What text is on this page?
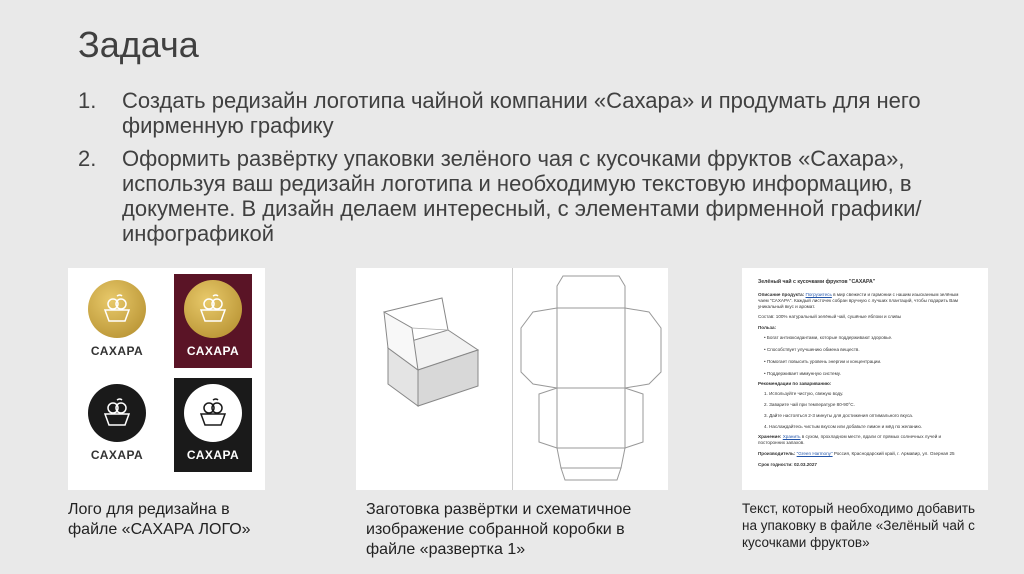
Задача
1.	Создать редизайн логотипа чайной компании «Сахара» и продумать для него фирменную графику
2.	Оформить развёртку упаковки зелёного чая с кусочками фруктов «Сахара», используя ваш редизайн логотипа и необходимую текстовую информацию, в документе. В дизайн делаем интересный, с элементами фирменной графики/инфографикой
САХАРА	САХАРА
САХАРА	САХАРА
Зелёный чай с кусочками фруктов "САХАРА"
Описание продукта: Погрузитесь в мир свежести и гармонии с нашим изысканным зелёным
чаем "САХАРА". Каждый листочек собран вручную с лучших плантаций, чтобы подарить Вам
уникальный вкус и аромат.
Состав: 100% натуральный зелёный чай, сушёные яблоки и сливы
Польза:
• Богат антиоксидантами, которые поддерживают здоровье.
• Способствует улучшению обмена веществ.
• Помогает повысить уровень энергии и концентрации.
• Поддерживает иммунную систему.
Рекомендации по завариванию:
1. Используйте чистую, свежую воду.
2. Заварите чай при температуре 80-90°C.
3. Дайте настояться 2-3 минуты для достижения оптимального вкуса.
4. Наслаждайтесь чистым вкусом или добавьте лимон и мёд по желанию.
Хранение: Хранить в сухом, прохладном месте, вдали от прямых солнечных лучей и
посторонних запахов.
Производитель: "Green Harmony" Россия, Краснодарский край, г. Армавир, ул. Озерная 25
Срок годности: 02.03.2027
Лого для редизайна в файле «САХАРА ЛОГО»
Заготовка развёртки и схематичное изображение собранной коробки в файле «развертка 1»
Текст, который необходимо добавить на упаковку в файле «Зелёный чай с кусочками фруктов»
